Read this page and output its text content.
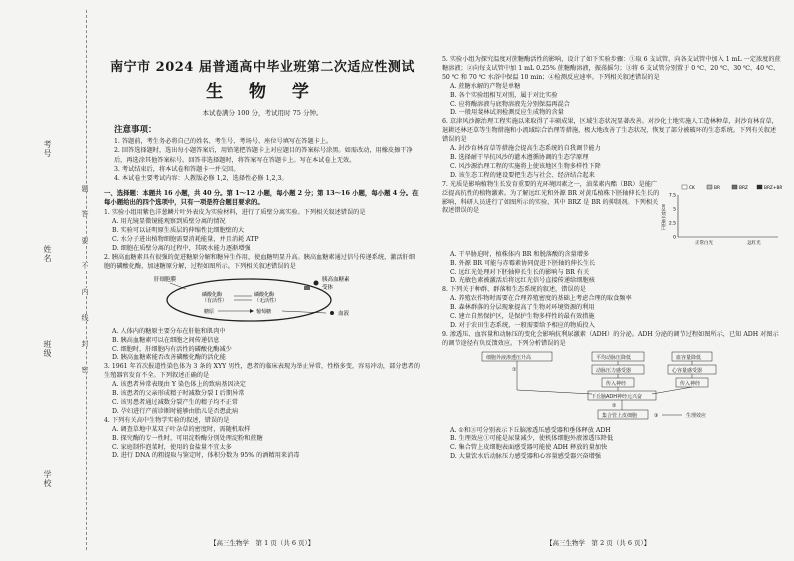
考号
姓名
班级
学校
题
答
要
不
内
线
封
密
南宁市 2024 届普通高中毕业班第二次适应性测试
生 物 学
本试卷满分 100 分，考试用时 75 分钟。
注意事项：

1. 答题前，考生务必将自己的姓名、考生号、考场号、座位号填写在答题卡上。

2. 回答选择题时，选出每小题答案后，用铅笔把答题卡上对应题目的答案标号涂黑。如需改动，用橡皮擦干净后，再选涂其他答案标号。回答非选择题时，将答案写在答题卡上。写在本试卷上无效。

3. 考试结束后，将本试卷和答题卡一并交回。

4. 本试卷主要考试内容：人教版必修 1,2，选择性必修 1,2,3。

一、选择题：本题共 16 小题，共 40 分。第 1～12 小题，每小题 2 分；第 13～16 小题，每小题 4 分。在每小题给出的四个选项中，只有一项是符合题目要求的。

1. 实验小组用紫色洋葱鳞片叶外表皮为实验材料，进行了质壁分离实验。下列相关叙述错误的是

A. 用光镜显微镜能观察到质壁分离的情况

B. 实验可以证明原生质层的伸缩性比细胞壁的大

C. 水分子进出植物细胞需要消耗能量，并且消耗 ATP

D. 细胞在质壁分离的过程中，其吸水能力逐渐增强

2. 胰高血糖素具有很强的促进糖原分解和糖异生作用，使血糖明显升高。胰高血糖素通过信号传递系统，激活肝细胞的磷酸化酶，加速糖原分解，过程如图所示。下列相关叙述错误的是

肝细胞膜	胰高血糖素
受体
磷酸化酶
（有活性）
磷酸化酶
（无活性）
糖原	葡萄糖	血液

A. 人体内的糖原主要分布在肝脏和肌肉中

B. 胰高血糖素可以在细胞之间传递信息

C. 细胞时，肝细胞内有活性的磷酸化酶减少

D. 胰高血糖素能否改善磷酸化酶的活化能

3. 1961 年首次报道性染色体为 3 条的 XYY 男性，患者的临床表现为举止异常，性格多变，容易冲动，部分患者的生殖器官发育不全。下列叙述正确的是

A. 该患者异常表现由 Y 染色体上的致病基因决定

B. 该患者的父亲形成精子时减数分裂 I 后期异常

C. 该男患者通过减数分裂产生的精子均不正常

D. 孕妇进行产前诊断时能够由胎儿是否患此病

4. 下列有关高中生物学实验的叙述，错误的是

A. 调查草地中某双子叶杂草的密度时，需随机取样

B. 探究酶的专一性时，可用淀粉酶分别处理淀粉和蔗糖

C. 家庭制作泡菜时，使用的食盐量不宜太多

D. 进行 DNA 的粗提取与鉴定时，体积分数为 95% 的酒精用来消毒

【高三生物学　第 1 页（共 6 页）】

5. 实验小组为探究温度对蔗糖酶活性的影响，设计了如下实验步骤：①取 6 支试管，向各支试管中加入 1 mL 一定浓度的蔗糖溶液；②向每支试管中加 1 mL 0.25% 蔗糖酶溶液，振荡摇匀；③将 6 支试管分别置于 0 ℃、20 ℃、30 ℃、40 ℃、50 ℃ 和 70 ℃ 水浴中保温 10 min；④检测反应速率。下列相关叙述错误的是

A. 蔗糖水解的产物是单糖

B. 各个实验组相互对照，属于对比实验

C. 应将酶溶液与底物溶液先分别保温再混合

D. 一般用斐林试剂检测反应生成物的含量

6. 京津风沙源治理工程实施以来取得了丰硕成果，区域生态状况显著改善。对沙化土地实施人工造林种草，封沙育林育草，退耕还林还草等生物措施和小流域综合治理等措施，极大地改善了生态状况，恢复了部分被破坏的生态系统。下列有关叙述错误的是

A. 封沙育林育草等措施会提高生态系统的自我调节能力

B. 选择耐干旱抗风沙的灌木遵循协调的生态学原理

C. 风沙源治理工程的实施将上使该地区生物多样性下降

D. 该生态工程的建设要把生态与社会、经济结合起来

7. 光质是影响植物生长发育重要的光环境因素之一，油菜素内酯（BR）是能广泛提高抗性的植物激素。为了解远红光和外源 BR 对黄瓜植株下胚轴伸长生长的影响，科研人员进行了如图所示的实验，其中 BRZ 是 BR 的抑制剂。下列相关叙述错误的是

7.5
5
2.5
0
CK	BR	BRZ	BRZ+BR
正常白光	远红光
下胚轴长度/cm

A. 干旱胁迫时，植株体内 BR 和脱落酸的含量增多

B. 外源 BR 可能与赤霉素协同促进下胚轴的伸长生长

C. 远红光处理对下胚轴伸长生长的影响与 BR 有关

D. 光敏色素被激活后将远红光信号直接传递给细胞核

8. 下列关于种群、群落和生态系统的叙述，错误的是

A. 养殖农作物时需要在合理养殖密度的基础上考虑合理的取食频率

B. 森林群落的分层现象提高了生物对环境资源的利用

C. 建立自然保护区，是保护生物多样性的最有效措施

D. 对于农田生态系统，一般需要给予相应的物质投入

9. 渗透压、血容量和动脉压的变化会影响抗利尿激素（ADH）的分泌。ADH 分泌的调节过程如图所示，已知 ADH 对图示的调节途径有负反馈效应。下列分析错误的是

细胞外液渗透压升高	平均动脉压降低	血容量降低
①	动脉压力感受器	心容量感受器
传入神经	传入神经
下丘脑ADH神经元兴奋
②
集合管上皮细胞	③	生理效应

A. ①和③可分别表示下丘脑渗透压感受器和垂体释放 ADH

B. 生理效应①可能是尿量减少，使机体细胞外液渗透压降低

C. 集合管上皮细胞表面感受器可能使 ADH 释放的量加快

D. 大量饮水后动脉压力感受器和心容量感受器兴奋增强

【高三生物学　第 2 页（共 6 页）】
